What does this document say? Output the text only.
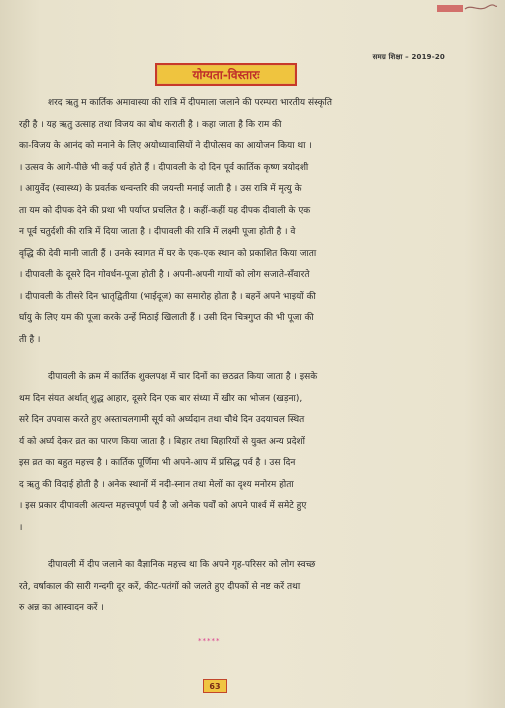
समग्र शिक्षा – 2019-20
योग्यता-विस्तारः
शरद ऋतु म कार्तिक अमावास्या की रात्रि में दीपमाला जलाने की परम्परा भारतीय संस्कृति
रही है । यह ऋतु उत्साह तथा विजय का बोध कराती है । कहा जाता है कि राम की
का-विजय के आनंद को मनाने के लिए अयोध्यावासियों ने दीपोत्सव का आयोजन किया था ।
। उत्सव के आगे-पीछे भी कई पर्व होते हैं । दीपावली के दो दिन पूर्व कार्तिक कृष्ण त्रयोदशी
। आयुर्वेद (स्वास्थ्य) के प्रवर्तक धन्वन्तरि की जयन्ती मनाई जाती है । उस रात्रि में मृत्यु के
ता यम को दीपक देने की प्रथा भी पर्याप्त प्रचलित है । कहीं-कहीं यह दीपक दीवाली के एक
न पूर्व चतुर्दशी की रात्रि में दिया जाता है । दीपावली की रात्रि में लक्ष्मी पूजा होती है । वे
वृद्धि की देवी मानी जाती हैं । उनके स्वागत में घर के एक-एक स्थान को प्रकाशित किया जाता
। दीपावली के दूसरे दिन गोवर्धन-पूजा होती है । अपनी-अपनी गायों को लोग सजाते-सँवारते
। दीपावली के तीसरे दिन भ्रातृद्वितीया (भाईदूज) का समारोह होता है । बहनें अपने भाइयों की
र्घायु के लिए यम की पूजा करके उन्हें मिठाई खिलाती हैं । उसी दिन चित्रगुप्त की भी पूजा की
ती है ।
दीपावली के क्रम में कार्तिक शुक्लपक्ष में चार दिनों का छठव्रत किया जाता है । इसके
थम दिन संयत अर्थात् शुद्ध आहार, दूसरे दिन एक बार संध्या में खीर का भोजन (खड़ना),
सरे दिन उपवास करते हुए अस्ताचलगामी सूर्य को अर्घ्यदान तथा चौथे दिन उदयाचल स्थित
र्य को अर्घ्य देकर व्रत का पारण किया जाता है । बिहार तथा बिहारियों से युक्त अन्य प्रदेशों
इस व्रत का बहुत महत्त्व है । कार्तिक पूर्णिमा भी अपने-आप में प्रसिद्ध पर्व है । उस दिन
द ऋतु की विदाई होती है । अनेक स्थानों में नदी-स्नान तथा मेलों का दृश्य मनोरम होता
। इस प्रकार दीपावली अत्यन्त महत्त्वपूर्ण पर्व है जो अनेक पर्वों को अपने पार्श्व में समेटे हुए
।
दीपावली में दीप जलाने का वैज्ञानिक महत्त्व था कि अपने गृह-परिसर को लोग स्वच्छ
रते, वर्षाकाल की सारी गन्दगी दूर करें, कीट-पतंगों को जलते हुए दीपकों से नष्ट करें तथा
रु अन्न का आस्वादन करें ।
*****
63
